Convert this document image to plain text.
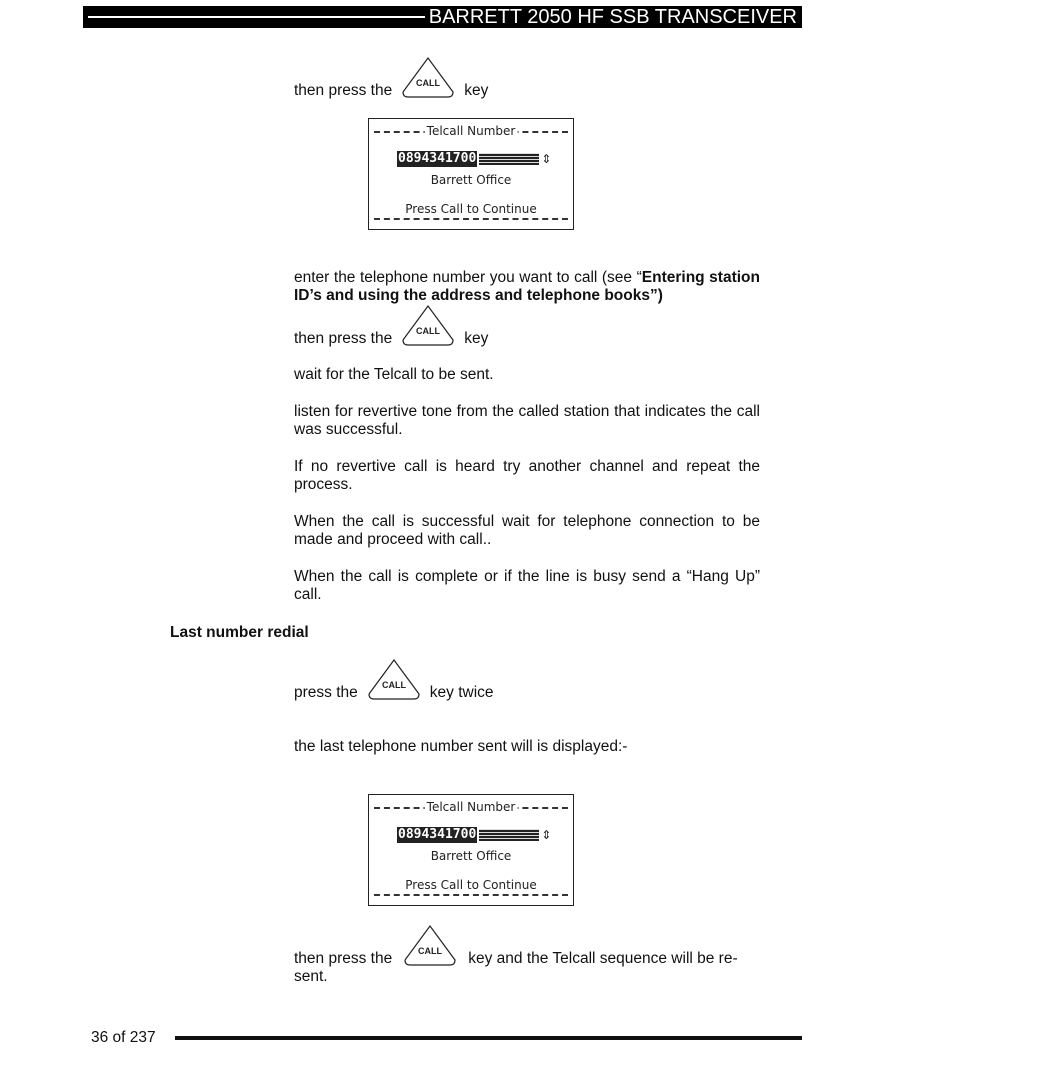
BARRETT 2050 HF SSB TRANSCEIVER
then press the	CALL key
Telcall Number
0894341700	⇕
Barrett Office
Press Call to Continue
enter the telephone number you want to call (see “Entering station ID’s and using the address and telephone books”)
then press the	CALL key
wait for the Telcall to be sent.
listen for revertive tone from the called station that indicates the call was successful.
If no revertive call is heard try another channel and repeat the process.
When the call is successful wait for telephone connection to be made and proceed with call..
When the call is complete or if the line is busy send a “Hang Up” call.
Last number redial
press the	CALL key twice
the last telephone number sent will is displayed:-
Telcall Number
0894341700	⇕
Barrett Office
Press Call to Continue
then press the	CALL key and the Telcall sequence will be re-
sent.
36 of 237
